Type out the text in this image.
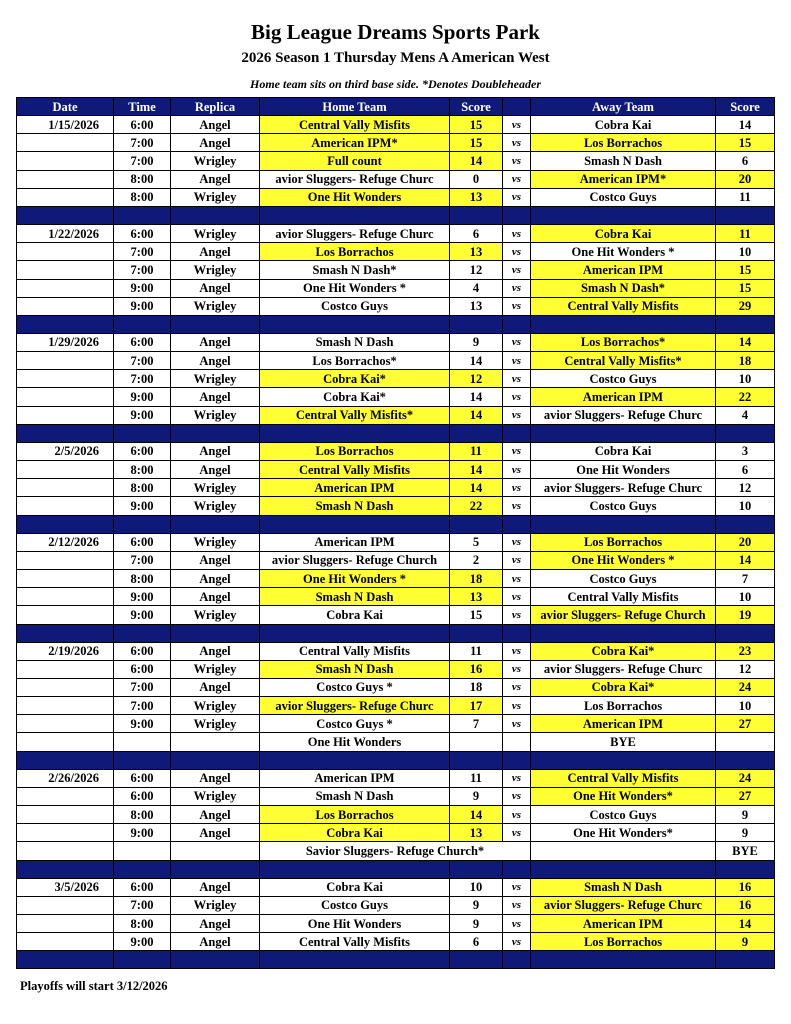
Big League Dreams Sports Park
2026 Season 1 Thursday Mens A American West
Home team sits on third base side. *Denotes Doubleheader
Date	Time	Replica	Home Team	Score		Away Team	Score	
1/15/2026	6:00	Angel	Central Vally Misfits	15	vs	Cobra Kai	14	
	7:00	Angel	American IPM*	15	vs	Los Borrachos	15	
	7:00	Wrigley	Full count	14	vs	Smash N Dash	6	
	8:00	Angel	avior Sluggers- Refuge Churc	0	vs	American IPM*	20	
	8:00	Wrigley	One Hit Wonders	13	vs	Costco Guys	11	

1/22/2026	6:00	Wrigley	avior Sluggers- Refuge Churc	6	vs	Cobra Kai	11	
	7:00	Angel	Los Borrachos	13	vs	One Hit Wonders *	10	
	7:00	Wrigley	Smash N Dash*	12	vs	American IPM	15	
	9:00	Angel	One Hit Wonders *	4	vs	Smash N Dash*	15	
	9:00	Wrigley	Costco Guys	13	vs	Central Vally Misfits	29	

1/29/2026	6:00	Angel	Smash N Dash	9	vs	Los Borrachos*	14	
	7:00	Angel	Los Borrachos*	14	vs	Central Vally Misfits*	18	
	7:00	Wrigley	Cobra Kai*	12	vs	Costco Guys	10	
	9:00	Angel	Cobra Kai*	14	vs	American IPM	22	
	9:00	Wrigley	Central Vally Misfits*	14	vs	avior Sluggers- Refuge Churc	4	

2/5/2026	6:00	Angel	Los Borrachos	11	vs	Cobra Kai	3	
	8:00	Angel	Central Vally Misfits	14	vs	One Hit Wonders	6	
	8:00	Wrigley	American IPM	14	vs	avior Sluggers- Refuge Churc	12	
	9:00	Wrigley	Smash N Dash	22	vs	Costco Guys	10	

2/12/2026	6:00	Wrigley	American IPM	5	vs	Los Borrachos	20	
	7:00	Angel	avior Sluggers- Refuge Church	2	vs	One Hit Wonders *	14	
	8:00	Angel	One Hit Wonders *	18	vs	Costco Guys	7	
	9:00	Angel	Smash N Dash	13	vs	Central Vally Misfits	10	
	9:00	Wrigley	Cobra Kai	15	vs	avior Sluggers- Refuge Church	19	

2/19/2026	6:00	Angel	Central Vally Misfits	11	vs	Cobra Kai*	23	
	6:00	Wrigley	Smash N Dash	16	vs	avior Sluggers- Refuge Churc	12	
	7:00	Angel	Costco Guys *	18	vs	Cobra Kai*	24	
	7:00	Wrigley	avior Sluggers- Refuge Churc	17	vs	Los Borrachos	10	
	9:00	Wrigley	Costco Guys *	7	vs	American IPM	27	
			One Hit Wonders			BYE		

2/26/2026	6:00	Angel	American IPM	11	vs	Central Vally Misfits	24	
	6:00	Wrigley	Smash N Dash	9	vs	One Hit Wonders*	27	
	8:00	Angel	Los Borrachos	14	vs	Costco Guys	9	
	9:00	Angel	Cobra Kai	13	vs	One Hit Wonders*	9	
			Savior Sluggers- Refuge Church*				BYE	

3/5/2026	6:00	Angel	Cobra Kai	10	vs	Smash N Dash	16	
	7:00	Wrigley	Costco Guys	9	vs	avior Sluggers- Refuge Churc	16	
	8:00	Angel	One Hit Wonders	9	vs	American IPM	14	
	9:00	Angel	Central Vally Misfits	6	vs	Los Borrachos	9	

Playoffs will start 3/12/2026
